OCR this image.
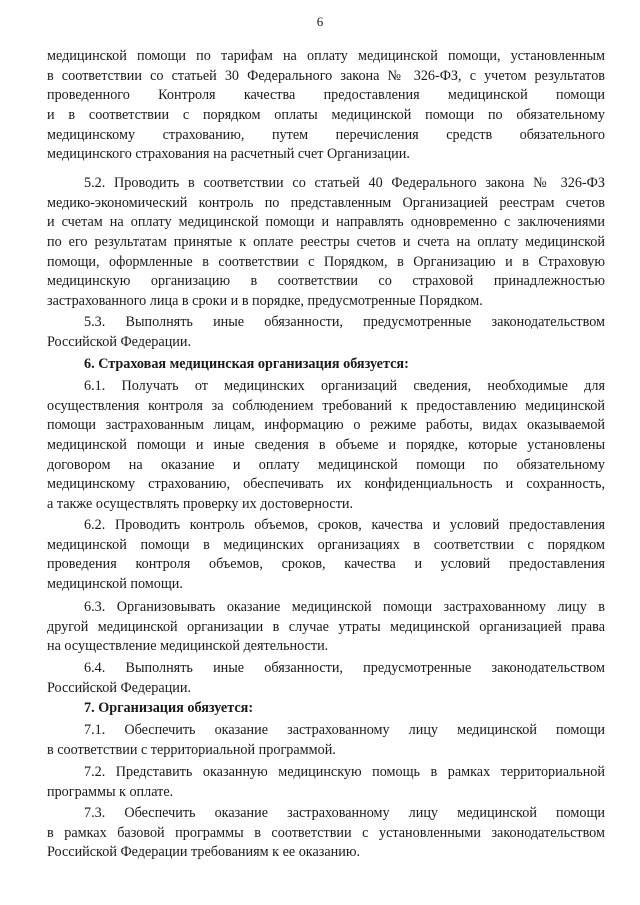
6
медицинской помощи по тарифам на оплату медицинской помощи, установленным
в соответствии со статьей 30 Федерального закона № 326-ФЗ, с учетом результатов
проведенного Контроля качества предоставления медицинской помощи
и в соответствии с порядком оплаты медицинской помощи по обязательному
медицинскому страхованию, путем перечисления средств обязательного
медицинского страхования на расчетный счет Организации.
5.2. Проводить в соответствии со статьей 40 Федерального закона № 326-ФЗ
медико-экономический контроль по представленным Организацией реестрам счетов
и счетам на оплату медицинской помощи и направлять одновременно с заключениями
по его результатам принятые к оплате реестры счетов и счета на оплату медицинской
помощи, оформленные в соответствии с Порядком, в Организацию и в Страховую
медицинскую организацию в соответствии со страховой принадлежностью
застрахованного лица в сроки и в порядке, предусмотренные Порядком.
5.3. Выполнять иные обязанности, предусмотренные законодательством
Российской Федерации.
6. Страховая медицинская организация обязуется:
6.1. Получать от медицинских организаций сведения, необходимые для
осуществления контроля за соблюдением требований к предоставлению медицинской
помощи застрахованным лицам, информацию о режиме работы, видах оказываемой
медицинской помощи и иные сведения в объеме и порядке, которые установлены
договором на оказание и оплату медицинской помощи по обязательному
медицинскому страхованию, обеспечивать их конфиденциальность и сохранность,
а также осуществлять проверку их достоверности.
6.2. Проводить контроль объемов, сроков, качества и условий предоставления
медицинской помощи в медицинских организациях в соответствии с порядком
проведения контроля объемов, сроков, качества и условий предоставления
медицинской помощи.
6.3. Организовывать оказание медицинской помощи застрахованному лицу в
другой медицинской организации в случае утраты медицинской организацией права
на осуществление медицинской деятельности.
6.4. Выполнять иные обязанности, предусмотренные законодательством
Российской Федерации.
7. Организация обязуется:
7.1. Обеспечить оказание застрахованному лицу медицинской помощи
в соответствии с территориальной программой.
7.2. Представить оказанную медицинскую помощь в рамках территориальной
программы к оплате.
7.3. Обеспечить оказание застрахованному лицу медицинской помощи
в рамках базовой программы в соответствии с установленными законодательством
Российской Федерации требованиям к ее оказанию.
